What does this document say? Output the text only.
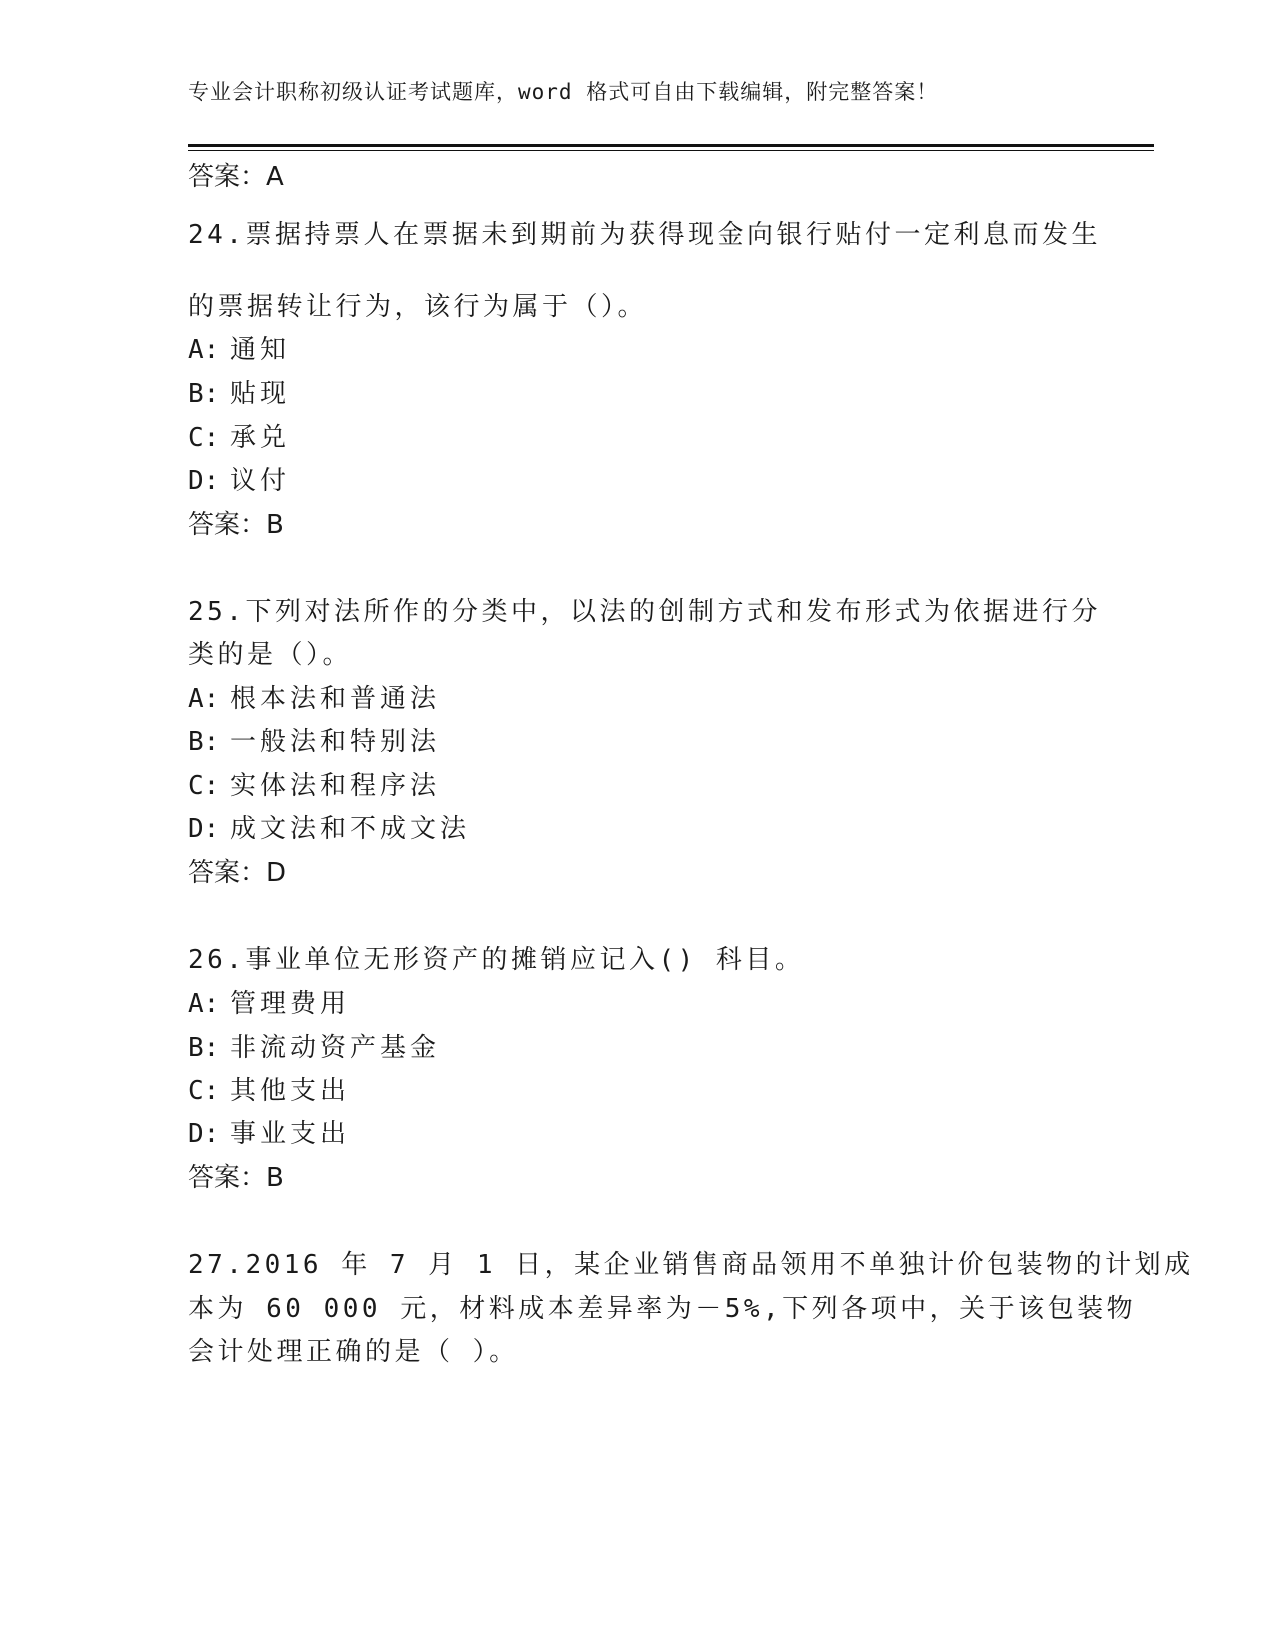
专业会计职称初级认证考试题库，word 格式可自由下载编辑，附完整答案！
答案：A
24.票据持票人在票据未到期前为获得现金向银行贴付一定利息而发生
的票据转让行为，该行为属于（）。
A: 通知
B: 贴现
C: 承兑
D: 议付
答案：B
25.下列对法所作的分类中，以法的创制方式和发布形式为依据进行分
类的是（）。
A: 根本法和普通法
B: 一般法和特别法
C: 实体法和程序法
D: 成文法和不成文法
答案：D
26.事业单位无形资产的摊销应记入() 科目。
A: 管理费用
B: 非流动资产基金
C: 其他支出
D: 事业支出
答案：B
27.2016 年 7 月 1 日，某企业销售商品领用不单独计价包装物的计划成
本为 60 000 元，材料成本差异率为－5%,下列各项中，关于该包装物
会计处理正确的是（ ）。
